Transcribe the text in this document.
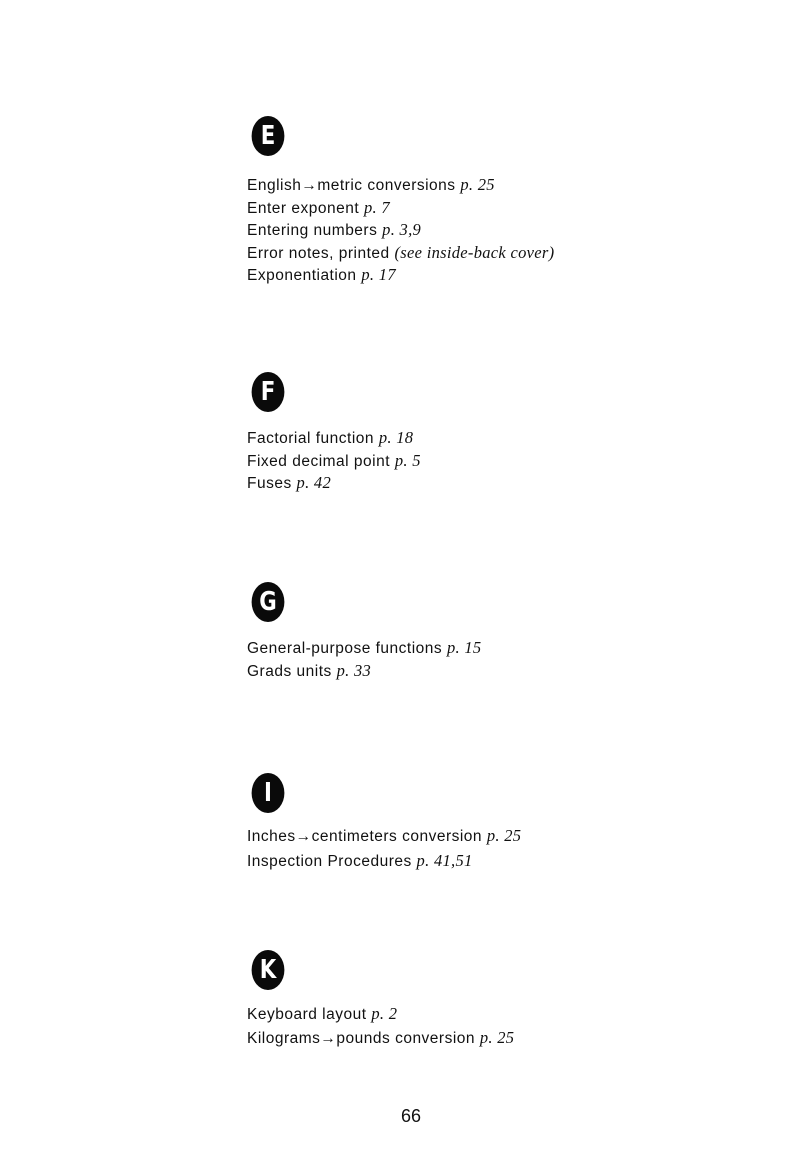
E
English→metric conversions p. 25
Enter exponent p. 7
Entering numbers p. 3,9
Error notes, printed (see inside-back cover)
Exponentiation p. 17
F
Factorial function p. 18
Fixed decimal point p. 5
Fuses p. 42
G
General-purpose functions p. 15
Grads units p. 33
I
Inches→centimeters conversion p. 25
Inspection Procedures p. 41,51
K
Keyboard layout p. 2
Kilograms→pounds conversion p. 25
66
